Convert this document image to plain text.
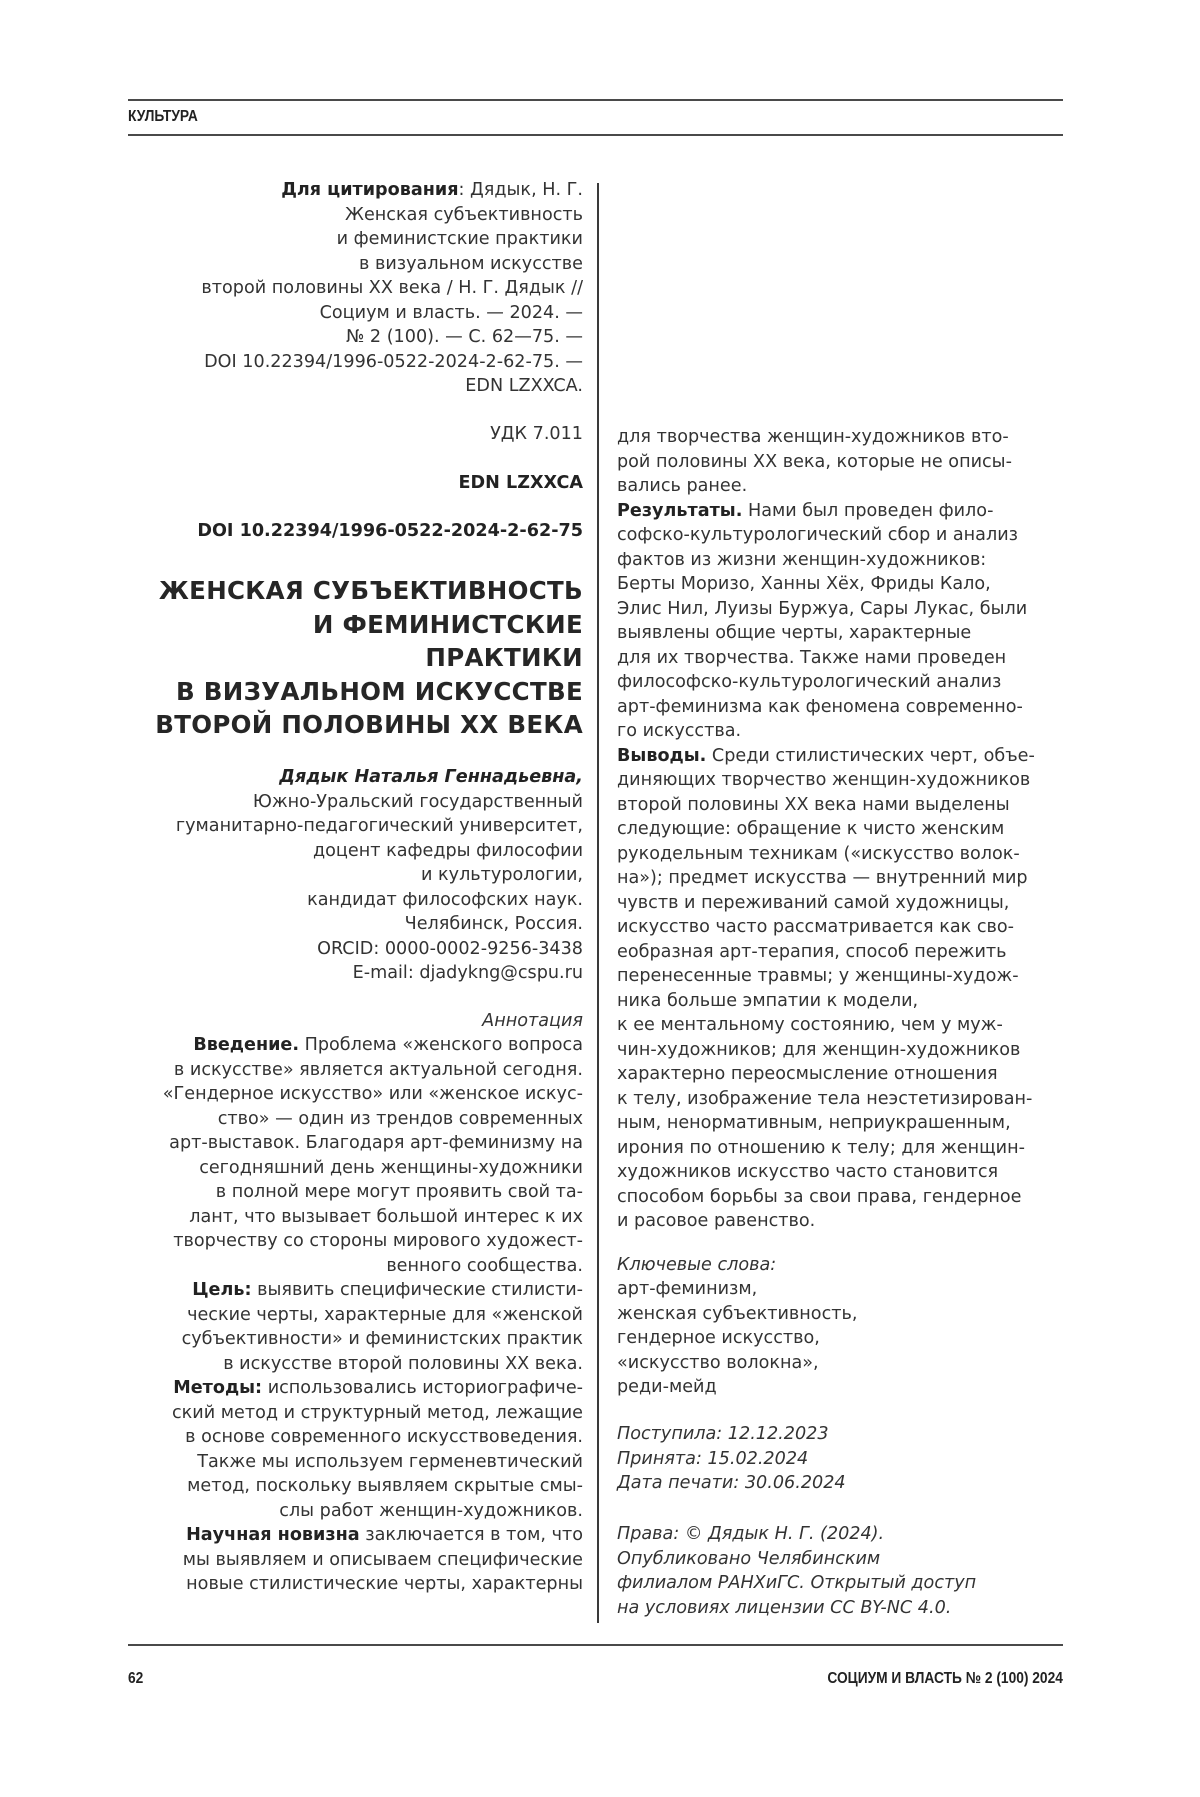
КУЛЬТУРА
Для цитирования: Дядык, Н. Г.
Женская субъективность
и феминистские практики
в визуальном искусстве
второй половины XX века / Н. Г. Дядык //
Социум и власть. — 2024. —
№ 2 (100). — С. 62—75. —
DOI 10.22394/1996-0522-2024-2-62-75. —
EDN LZXXCA.
УДК 7.011
EDN LZXXCA
DOI 10.22394/1996-0522-2024-2-62-75
ЖЕНСКАЯ СУБЪЕКТИВНОСТЬ
И ФЕМИНИСТСКИЕ
ПРАКТИКИ
В ВИЗУАЛЬНОМ ИСКУССТВЕ
ВТОРОЙ ПОЛОВИНЫ XX ВЕКА
Дядык Наталья Геннадьевна,
Южно-Уральский государственный
гуманитарно-педагогический университет,
доцент кафедры философии
и культурологии,
кандидат философских наук.
Челябинск, Россия.
ORCID: 0000-0002-9256-3438
E-mail: djadykng@cspu.ru
Аннотация
Введение. Проблема «женского вопроса
в искусстве» является актуальной сегодня.
«Гендерное искусство» или «женское искус-
ство» — один из трендов современных
арт-выставок. Благодаря арт-феминизму на
сегодняшний день женщины-художники
в полной мере могут проявить свой та-
лант, что вызывает большой интерес к их
творчеству со стороны мирового художест-
венного сообщества.
Цель: выявить специфические стилисти-
ческие черты, характерные для «женской
субъективности» и феминистских практик
в искусстве второй половины XX века.
Методы: использовались историографиче-
ский метод и структурный метод, лежащие
в основе современного искусствоведения.
Также мы используем герменевтический
метод, поскольку выявляем скрытые смы-
слы работ женщин-художников.
Научная новизна заключается в том, что
мы выявляем и описываем специфические
новые стилистические черты, характерны
для творчества женщин-художников вто-
рой половины XX века, которые не описы-
вались ранее.
Результаты. Нами был проведен фило-
софско-культурологический сбор и анализ
фактов из жизни женщин-художников:
Берты Моризо, Ханны Хёх, Фриды Кало,
Элис Нил, Луизы Буржуа, Сары Лукас, были
выявлены общие черты, характерные
для их творчества. Также нами проведен
философско-культурологический анализ
арт-феминизма как феномена современно-
го искусства.
Выводы. Среди стилистических черт, объе-
диняющих творчество женщин-художников
второй половины XX века нами выделены
следующие: обращение к чисто женским
рукодельным техникам («искусство волок-
на»); предмет искусства — внутренний мир
чувств и переживаний самой художницы,
искусство часто рассматривается как сво-
еобразная арт-терапия, способ пережить
перенесенные травмы; у женщины-худож-
ника больше эмпатии к модели,
к ее ментальному состоянию, чем у муж-
чин-художников; для женщин-художников
характерно переосмысление отношения
к телу, изображение тела неэстетизирован-
ным, ненормативным, неприукрашенным,
ирония по отношению к телу; для женщин-
художников искусство часто становится
способом борьбы за свои права, гендерное
и расовое равенство.
Ключевые слова:
арт-феминизм,
женская субъективность,
гендерное искусство,
«искусство волокна»,
реди-мейд
Поступила: 12.12.2023
Принята: 15.02.2024
Дата печати: 30.06.2024
Права: © Дядык Н. Г. (2024).
Опубликовано Челябинским
филиалом РАНХиГС. Открытый доступ
на условиях лицензии CC BY-NC 4.0.
62	СОЦИУМ И ВЛАСТЬ № 2 (100) 2024
